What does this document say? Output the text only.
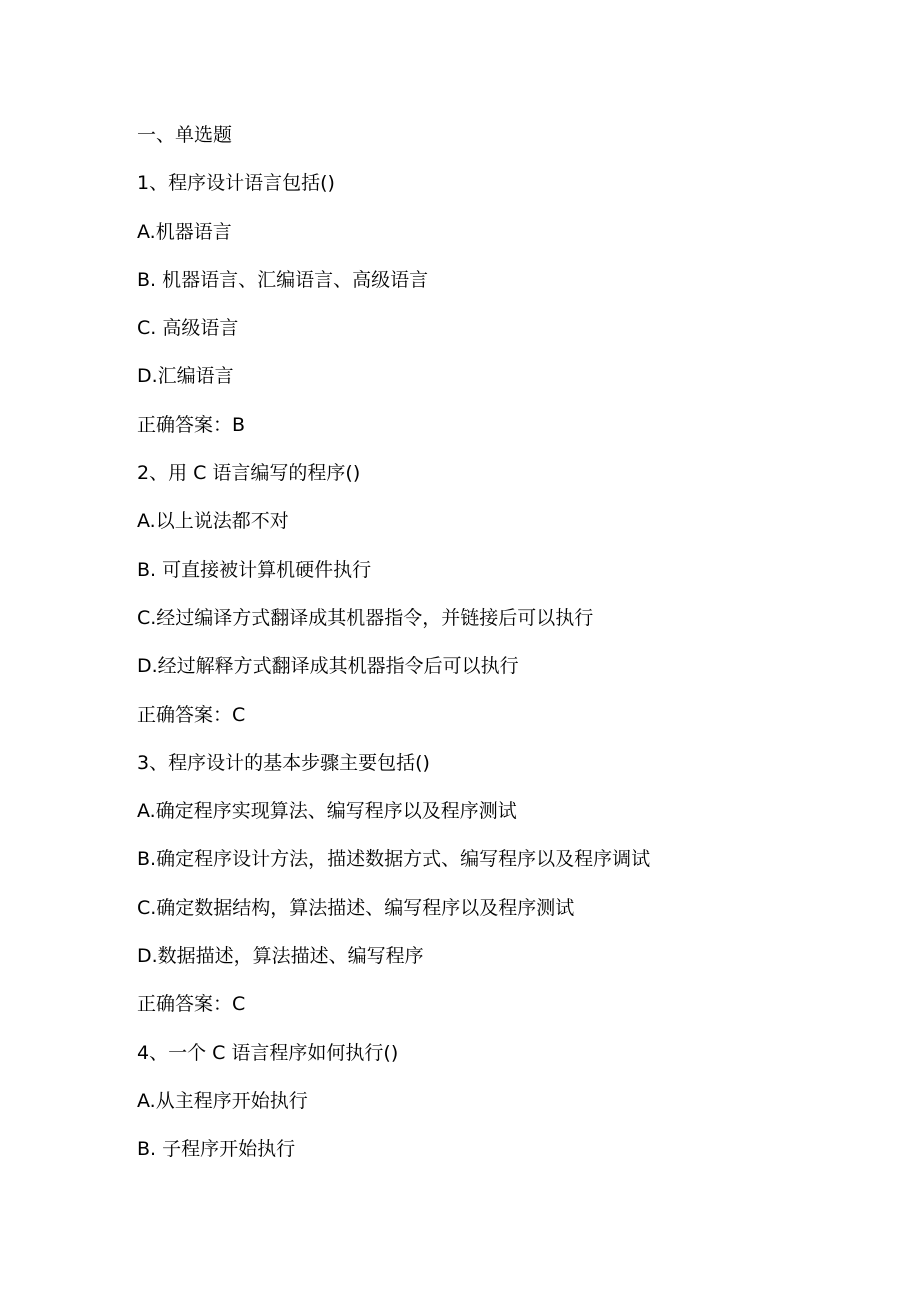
一、单选题
1、程序设计语言包括()
A.机器语言
B. 机器语言、汇编语言、高级语言
C. 高级语言
D.汇编语言
正确答案：B
2、用 C 语言编写的程序()
A.以上说法都不对
B. 可直接被计算机硬件执行
C.经过编译方式翻译成其机器指令，并链接后可以执行
D.经过解释方式翻译成其机器指令后可以执行
正确答案：C
3、程序设计的基本步骤主要包括()
A.确定程序实现算法、编写程序以及程序测试
B.确定程序设计方法，描述数据方式、编写程序以及程序调试
C.确定数据结构，算法描述、编写程序以及程序测试
D.数据描述，算法描述、编写程序
正确答案：C
4、一个 C 语言程序如何执行()
A.从主程序开始执行
B. 子程序开始执行
